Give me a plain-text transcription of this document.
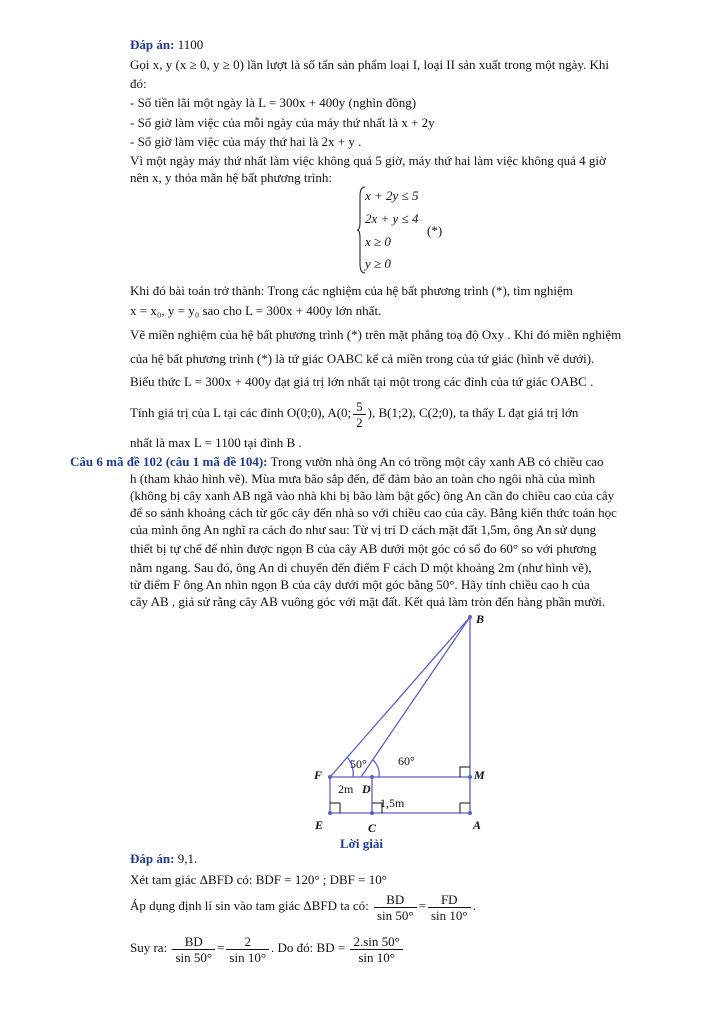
Đáp án: 1100
Gọi x, y (x ≥ 0, y ≥ 0) lần lượt là số tấn sản phẩm loại I, loại II sản xuất trong một ngày. Khi
đó:
- Số tiền lãi một ngày là L = 300x + 400y (nghìn đồng)
- Số giờ làm việc của mỗi ngày của máy thứ nhất là x + 2y
- Số giờ làm việc của máy thứ hai là 2x + y .
Vì một ngày máy thứ nhất làm việc không quá 5 giờ, máy thứ hai làm việc không quá 4 giờ
nên x, y thỏa mãn hệ bất phương trình:
x + 2y ≤ 5
2x + y ≤ 4
x ≥ 0
y ≥ 0
(*)
Khi đó bài toán trở thành: Trong các nghiệm của hệ bất phương trình (*), tìm nghiệm
x = x₀, y = y₀ sao cho L = 300x + 400y lớn nhất.
Vẽ miền nghiệm của hệ bất phương trình (*) trên mặt phẳng toạ độ Oxy . Khi đó miền nghiệm
của hệ bất phương trình (*) là tứ giác OABC kể cả miền trong của tứ giác (hình vẽ dưới).
Biểu thức L = 300x + 400y đạt giá trị lớn nhất tại một trong các đỉnh của tứ giác OABC .
Tính giá trị của L tại các đỉnh O(0;0), A(0; $\frac{5}{2}$ ), B(1;2), C(2;0), ta thấy L đạt giá trị lớn
nhất là max L = 1100 tại đỉnh B .
Câu 6 mã đề 102 (câu 1 mã đề 104): Trong vườn nhà ông An có trồng một cây xanh AB có chiều cao
h (tham khảo hình vẽ). Mùa mưa bão sắp đến, để đảm bảo an toàn cho ngôi nhà của mình
(không bị cây xanh AB ngã vào nhà khi bị bão làm bật gốc) ông An cần đo chiều cao của cây
để so sánh khoảng cách từ gốc cây đến nhà so với chiều cao của cây. Bằng kiến thức toán học
của mình ông An nghĩ ra cách đo như sau: Từ vị trí D cách mặt đất 1,5m, ông An sử dụng
thiết bị tự chế để nhìn được ngọn B của cây AB dưới một góc có số đo 60° so với phương
nằm ngang. Sau đó, ông An di chuyển đến điểm F cách D một khoảng 2m (như hình vẽ),
từ điểm F ông An nhìn ngọn B của cây dưới một góc bằng 50°. Hãy tính chiều cao h của
cây AB , giả sử rằng cây AB vuông góc với mặt đất. Kết quả làm tròn đến hàng phần mười.
B
F
D
M
E	C	A
50°	60°
2m
1,5m
Lời giải
Đáp án: 9,1.
Xét tam giác ΔBFD có: BDF = 120° ; DBF = 10°
Áp dụng định lí sin vào tam giác ΔBFD ta có: $\frac{BD}{\sin 50^\circ} = \frac{FD}{\sin 10^\circ}$ .
Suy ra: $\frac{BD}{\sin 50^\circ} = \frac{2}{\sin 10^\circ}$ . Do đó: BD = $\frac{2.\sin 50^\circ}{\sin 10^\circ}$
